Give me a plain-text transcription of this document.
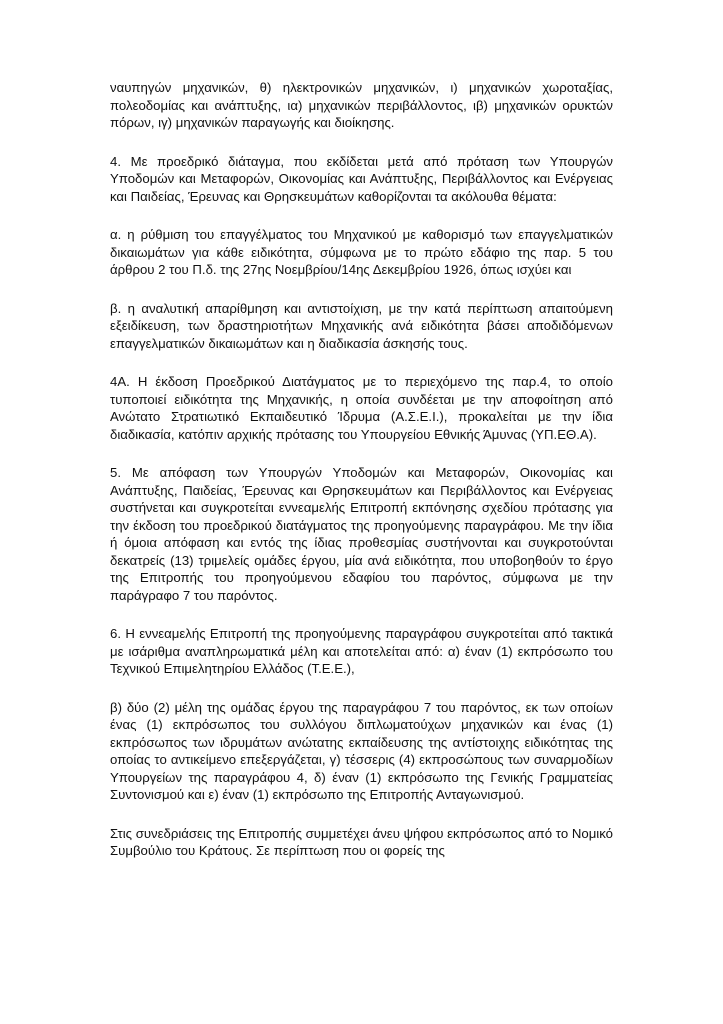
ναυπηγών μηχανικών, θ) ηλεκτρονικών μηχανικών, ι) μηχανικών χωροταξίας, πολεοδομίας και ανάπτυξης, ια) μηχανικών περιβάλλοντος, ιβ) μηχανικών ορυκτών πόρων, ιγ) μηχανικών παραγωγής και διοίκησης.

4. Με προεδρικό διάταγμα, που εκδίδεται μετά από πρόταση των Υπουργών Υποδομών και Μεταφορών, Οικονομίας και Ανάπτυξης, Περιβάλλοντος και Ενέργειας και Παιδείας, Έρευνας και Θρησκευμάτων καθορίζονται τα ακόλουθα θέματα:

α. η ρύθμιση του επαγγέλματος του Μηχανικού με καθορισμό των επαγγελματικών δικαιωμάτων για κάθε ειδικότητα, σύμφωνα με το πρώτο εδάφιο της παρ. 5 του άρθρου 2 του Π.δ. της 27ης Νοεμβρίου/14ης Δεκεμβρίου 1926, όπως ισχύει και

β. η αναλυτική απαρίθμηση και αντιστοίχιση, με την κατά περίπτωση απαιτούμενη εξειδίκευση, των δραστηριοτήτων Μηχανικής ανά ειδικότητα βάσει αποδιδόμενων επαγγελματικών δικαιωμάτων και η διαδικασία άσκησής τους.

4Α. Η έκδοση Προεδρικού Διατάγματος με το περιεχόμενο της παρ.4, το οποίο τυποποιεί ειδικότητα της Μηχανικής, η οποία συνδέεται με την αποφοίτηση από Ανώτατο Στρατιωτικό Εκπαιδευτικό Ίδρυμα (Α.Σ.Ε.Ι.), προκαλείται με την ίδια διαδικασία, κατόπιν αρχικής πρότασης του Υπουργείου Εθνικής Άμυνας (ΥΠ.ΕΘ.Α).

5. Με απόφαση των Υπουργών Υποδομών και Μεταφορών, Οικονομίας και Ανάπτυξης, Παιδείας, Έρευνας και Θρησκευμάτων και Περιβάλλοντος και Ενέργειας συστήνεται και συγκροτείται εννεαμελής Επιτροπή εκπόνησης σχεδίου πρότασης για την έκδοση του προεδρικού διατάγματος της προηγούμενης παραγράφου. Με την ίδια ή όμοια απόφαση και εντός της ίδιας προθεσμίας συστήνονται και συγκροτούνται δεκατρείς (13) τριμελείς ομάδες έργου, μία ανά ειδικότητα, που υποβοηθούν το έργο της Επιτροπής του προηγούμενου εδαφίου του παρόντος, σύμφωνα με την παράγραφο 7 του παρόντος.

6. Η εννεαμελής Επιτροπή της προηγούμενης παραγράφου συγκροτείται από τακτικά με ισάριθμα αναπληρωματικά μέλη και αποτελείται από: α) έναν (1) εκπρόσωπο του Τεχνικού Επιμελητηρίου Ελλάδος (Τ.Ε.Ε.),

β) δύο (2) μέλη της ομάδας έργου της παραγράφου 7 του παρόντος, εκ των οποίων ένας (1) εκπρόσωπος του συλλόγου διπλωματούχων μηχανικών και ένας (1) εκπρόσωπος των ιδρυμάτων ανώτατης εκπαίδευσης της αντίστοιχης ειδικότητας της οποίας το αντικείμενο επεξεργάζεται, γ) τέσσερις (4) εκπροσώπους των συναρμοδίων Υπουργείων της παραγράφου 4, δ) έναν (1) εκπρόσωπο της Γενικής Γραμματείας Συντονισμού και ε) έναν (1) εκπρόσωπο της Επιτροπής Ανταγωνισμού.

Στις συνεδριάσεις της Επιτροπής συμμετέχει άνευ ψήφου εκπρόσωπος από το Νομικό Συμβούλιο του Κράτους. Σε περίπτωση που οι φορείς της
